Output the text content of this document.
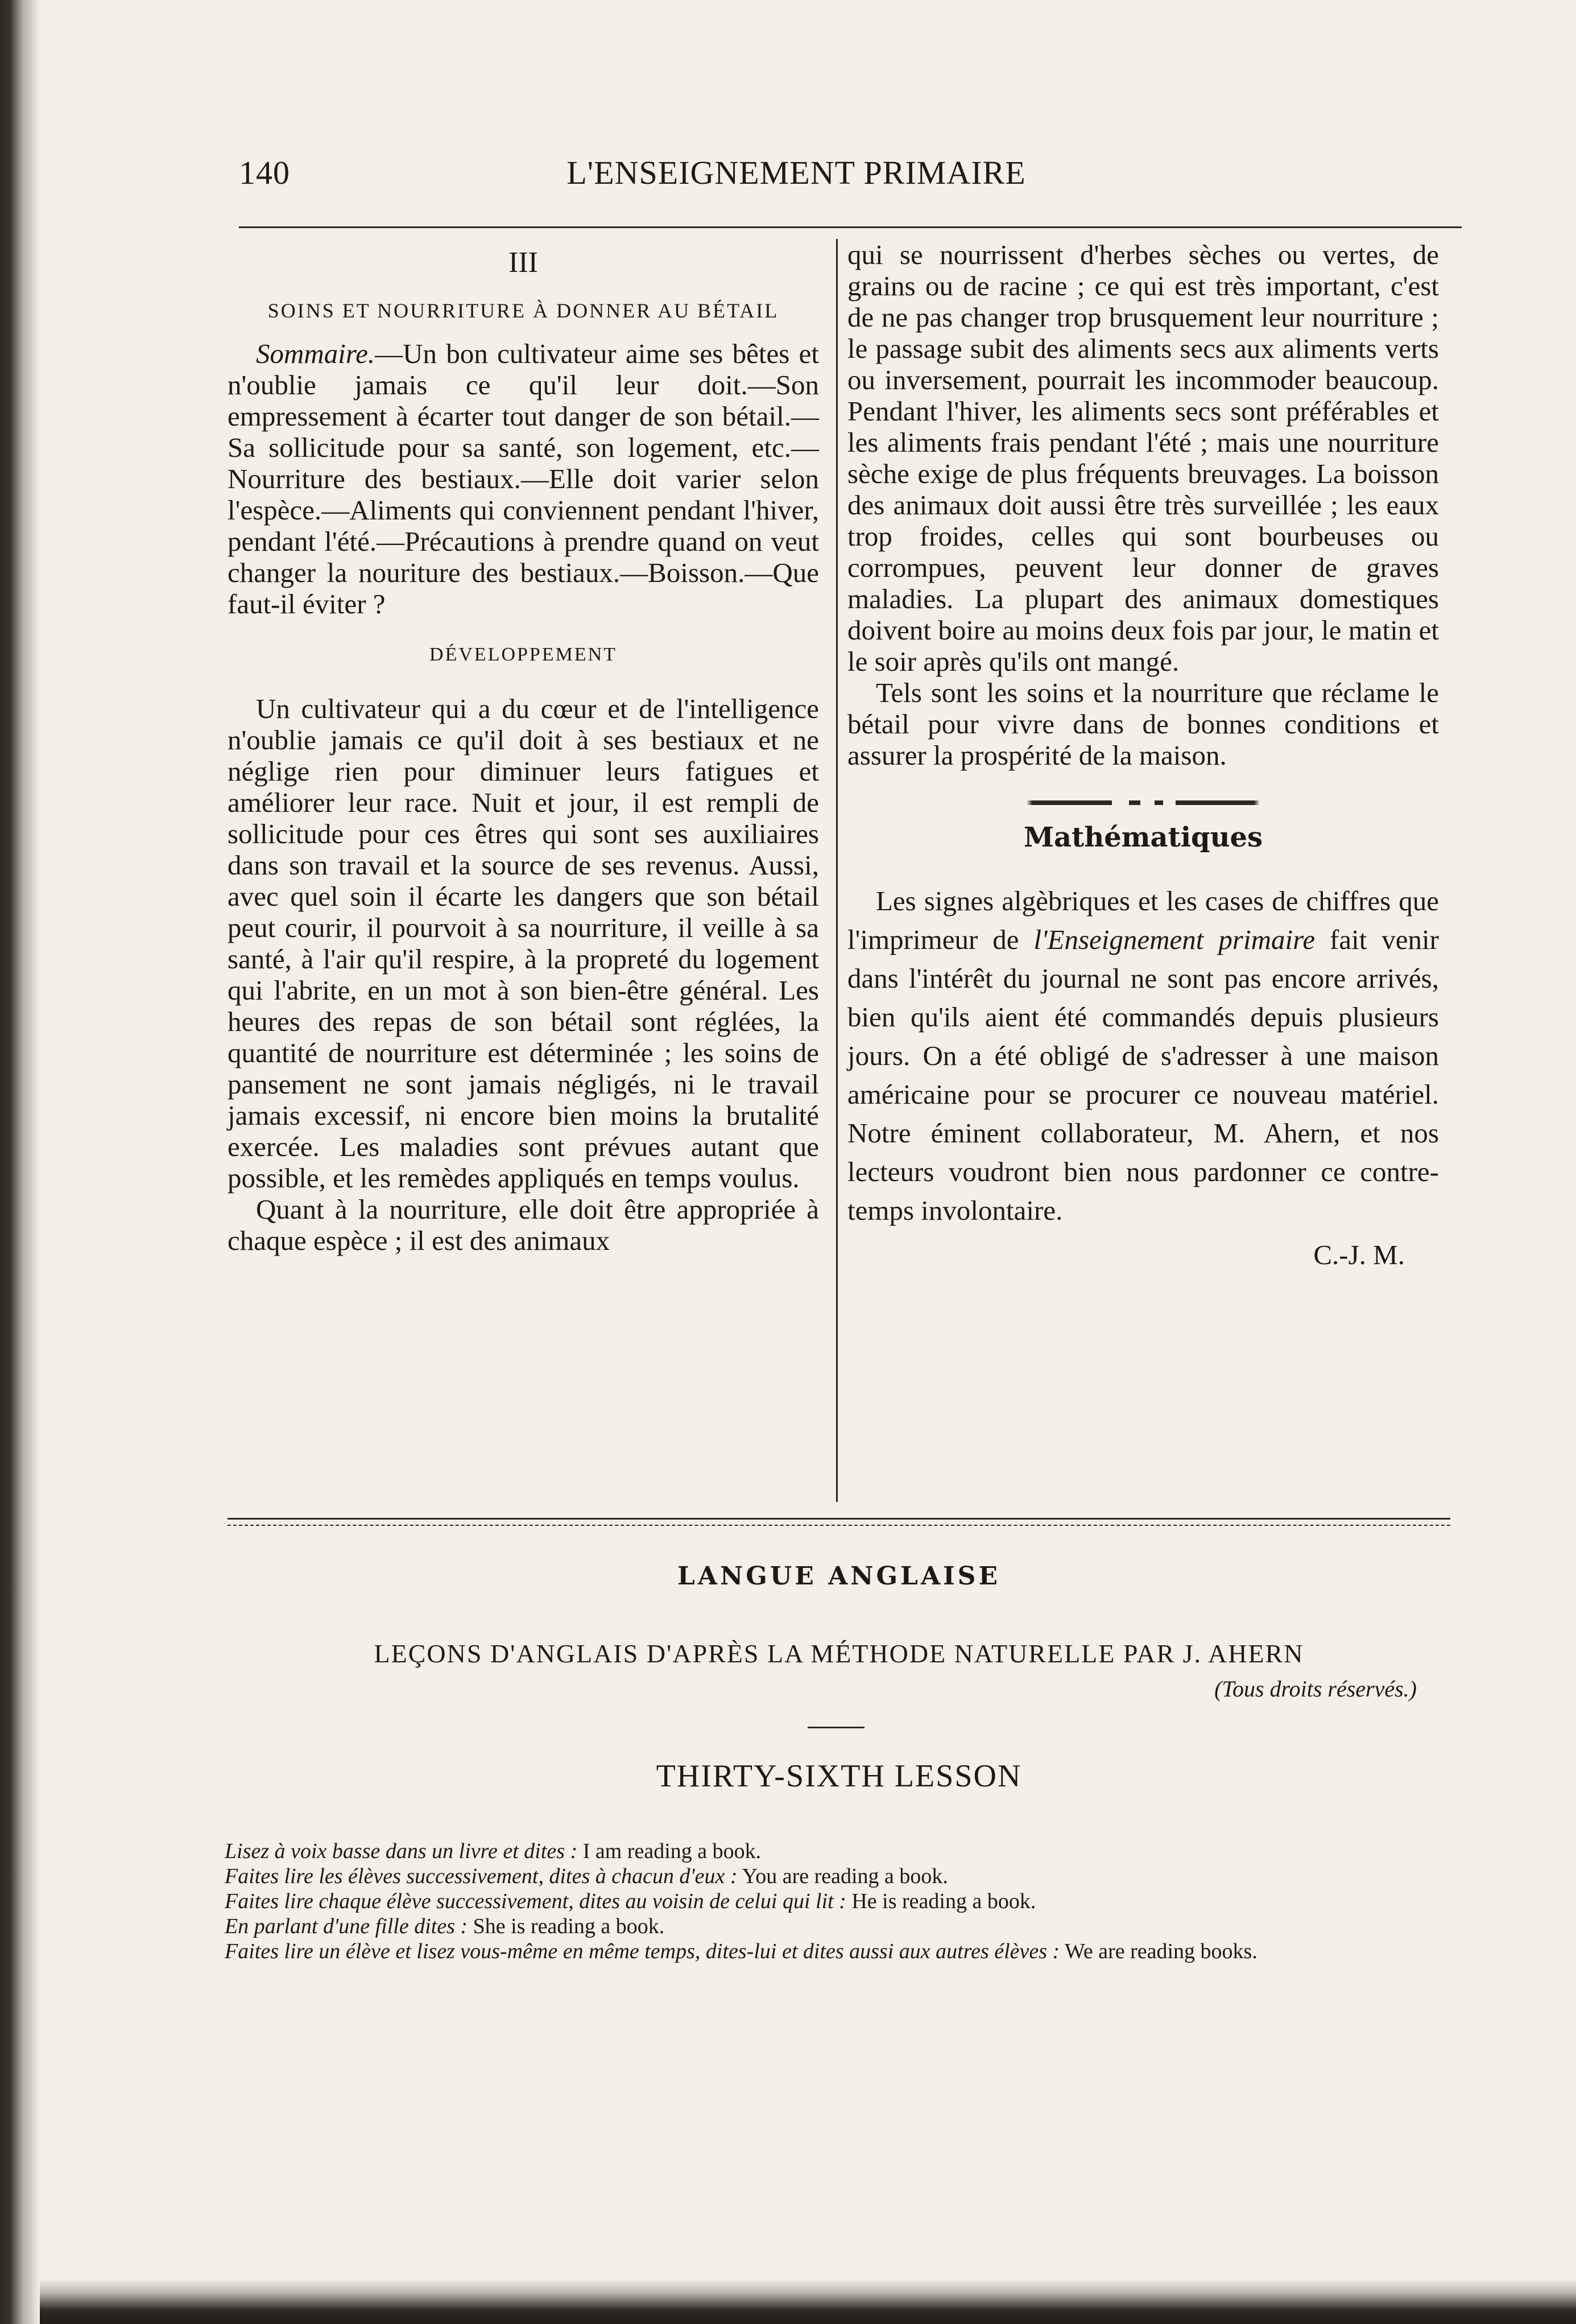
140	L'ENSEIGNEMENT PRIMAIRE
III
SOINS ET NOURRITURE À DONNER AU BÉTAIL

Sommaire.—Un bon cultivateur aime ses bêtes et n'oublie jamais ce qu'il leur doit.—Son empressement à écarter tout danger de son bétail.—Sa sollicitude pour sa santé, son logement, etc.—Nourriture des bestiaux.—Elle doit varier selon l'espèce.—Aliments qui conviennent pendant l'hiver, pendant l'été.—Précautions à prendre quand on veut changer la nouriture des bestiaux.—Boisson.—Que faut-il éviter ?

DÉVELOPPEMENT

Un cultivateur qui a du cœur et de l'intelligence n'oublie jamais ce qu'il doit à ses bestiaux et ne néglige rien pour diminuer leurs fatigues et améliorer leur race. Nuit et jour, il est rempli de sollicitude pour ces êtres qui sont ses auxiliaires dans son travail et la source de ses revenus. Aussi, avec quel soin il écarte les dangers que son bétail peut courir, il pourvoit à sa nourriture, il veille à sa santé, à l'air qu'il respire, à la propreté du logement qui l'abrite, en un mot à son bien-être général. Les heures des repas de son bétail sont réglées, la quantité de nourriture est déterminée ; les soins de pansement ne sont jamais négligés, ni le travail jamais excessif, ni encore bien moins la brutalité exercée. Les maladies sont prévues autant que possible, et les remèdes appliqués en temps voulus.

Quant à la nourriture, elle doit être appropriée à chaque espèce ; il est des animaux

qui se nourrissent d'herbes sèches ou vertes, de grains ou de racine ; ce qui est très important, c'est de ne pas changer trop brusquement leur nourriture ; le passage subit des aliments secs aux aliments verts ou inversement, pourrait les incommoder beaucoup. Pendant l'hiver, les aliments secs sont préférables et les aliments frais pendant l'été ; mais une nourriture sèche exige de plus fréquents breuvages. La boisson des animaux doit aussi être très surveillée ; les eaux trop froides, celles qui sont bourbeuses ou corrompues, peuvent leur donner de graves maladies. La plupart des animaux domestiques doivent boire au moins deux fois par jour, le matin et le soir après qu'ils ont mangé.

Tels sont les soins et la nourriture que réclame le bétail pour vivre dans de bonnes conditions et assurer la prospérité de la maison.

Mathématiques

Les signes algèbriques et les cases de chiffres que l'imprimeur de l'Enseignement primaire fait venir dans l'intérêt du journal ne sont pas encore arrivés, bien qu'ils aient été commandés depuis plusieurs jours. On a été obligé de s'adresser à une maison américaine pour se procurer ce nouveau matériel. Notre éminent collaborateur, M. Ahern, et nos lecteurs voudront bien nous pardonner ce contre-temps involontaire.

C.-J. M.
LANGUE ANGLAISE
LEÇONS D'ANGLAIS D'APRÈS LA MÉTHODE NATURELLE PAR J. AHERN
(Tous droits réservés.)
THIRTY-SIXTH LESSON
Lisez à voix basse dans un livre et dites : I am reading a book.
Faites lire les élèves successivement, dites à chacun d'eux : You are reading a book.
Faites lire chaque élève successivement, dites au voisin de celui qui lit : He is reading a book.
En parlant d'une fille dites : She is reading a book.
Faites lire un élève et lisez vous-même en même temps, dites-lui et dites aussi aux autres élèves : We are reading books.
